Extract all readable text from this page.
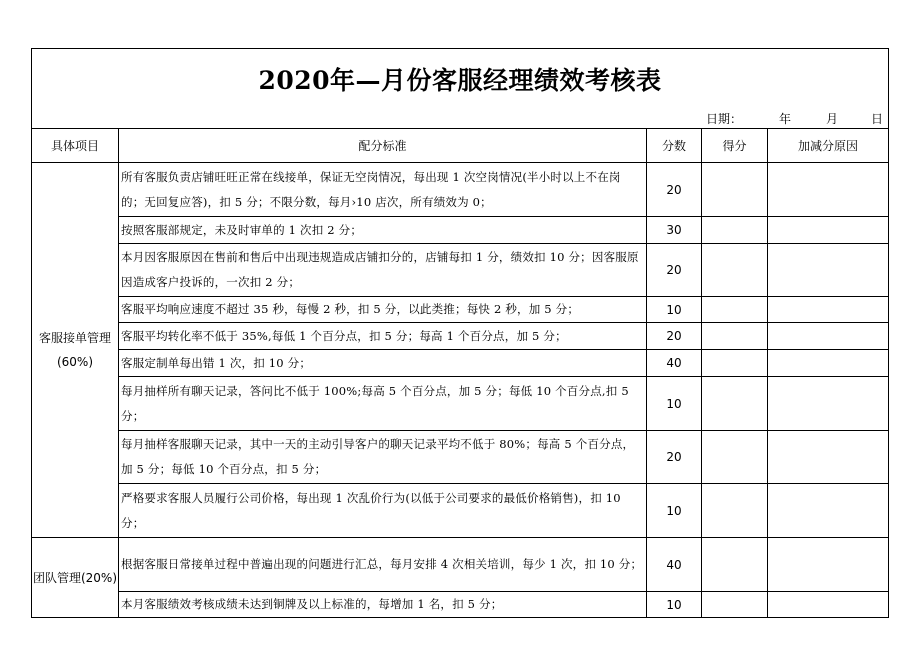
2020年—月份客服经理绩效考核表				

日期： 年 月 日				

具体项目	配分标准	分数	得分	加减分原因

客服接单管理
(60%)	所有客服负责店铺旺旺正常在线接单，保证无空岗情况，每出现 1 次空岗情况(半小时以上不在岗的；无回复应答)，扣 5 分；不限分数，每月›10 店次，所有绩效为 0；	20		
	按照客服部规定，未及时审单的 1 次扣 2 分；	30		
	本月因客服原因在售前和售后中出现违规造成店铺扣分的，店铺每扣 1 分，绩效扣 10 分；因客服原因造成客户投诉的，一次扣 2 分；	20		
	客服平均响应速度不超过 35 秒，每慢 2 秒，扣 5 分，以此类推；每快 2 秒，加 5 分；	10		
	客服平均转化率不低于 35%,每低 1 个百分点，扣 5 分；每高 1 个百分点，加 5 分；	20		
	客服定制单每出错 1 次，扣 10 分；	40		
	每月抽样所有聊天记录，答问比不低于 100%;每高 5 个百分点，加 5 分；每低 10 个百分点,扣 5 分；	10		
	每月抽样客服聊天记录，其中一天的主动引导客户的聊天记录平均不低于 80%；每高 5 个百分点，加 5 分；每低 10 个百分点，扣 5 分；	20		
	严格要求客服人员履行公司价格，每出现 1 次乱价行为(以低于公司要求的最低价格销售)，扣 10 分；	10		

团队管理(20%)	根据客服日常接单过程中普遍出现的问题进行汇总，每月安排 4 次相关培训，每少 1 次，扣 10 分；	40		
	本月客服绩效考核成绩未达到铜牌及以上标准的，每增加 1 名，扣 5 分；	10		
